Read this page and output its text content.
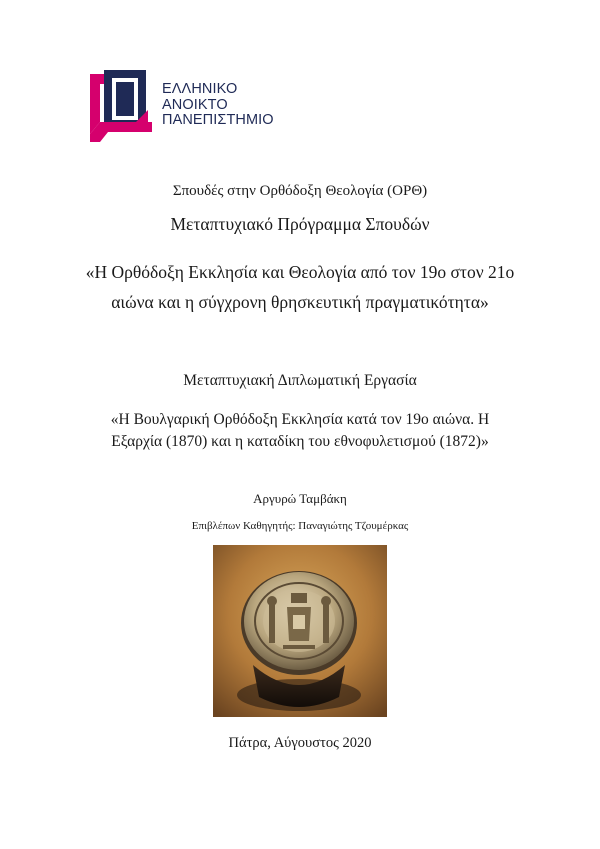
ΕΛΛΗΝΙΚΟ
ΑΝΟΙΚΤΟ
ΠΑΝΕΠΙΣΤΗΜΙΟ
Σπουδές στην Ορθόδοξη Θεολογία (ΟΡΘ)
Μεταπτυχιακό Πρόγραμμα Σπουδών
«Η Ορθόδοξη Εκκλησία και Θεολογία από τον 19ο στον 21ο αιώνα και η σύγχρονη θρησκευτική πραγματικότητα»
Μεταπτυχιακή Διπλωματική Εργασία
«Η Βουλγαρική Ορθόδοξη Εκκλησία κατά τον 19ο αιώνα. Η Εξαρχία (1870) και η καταδίκη του εθνοφυλετισμού (1872)»
Αργυρώ Ταμβάκη
Επιβλέπων Καθηγητής: Παναγιώτης Τζουμέρκας
Πάτρα, Αύγουστος 2020
